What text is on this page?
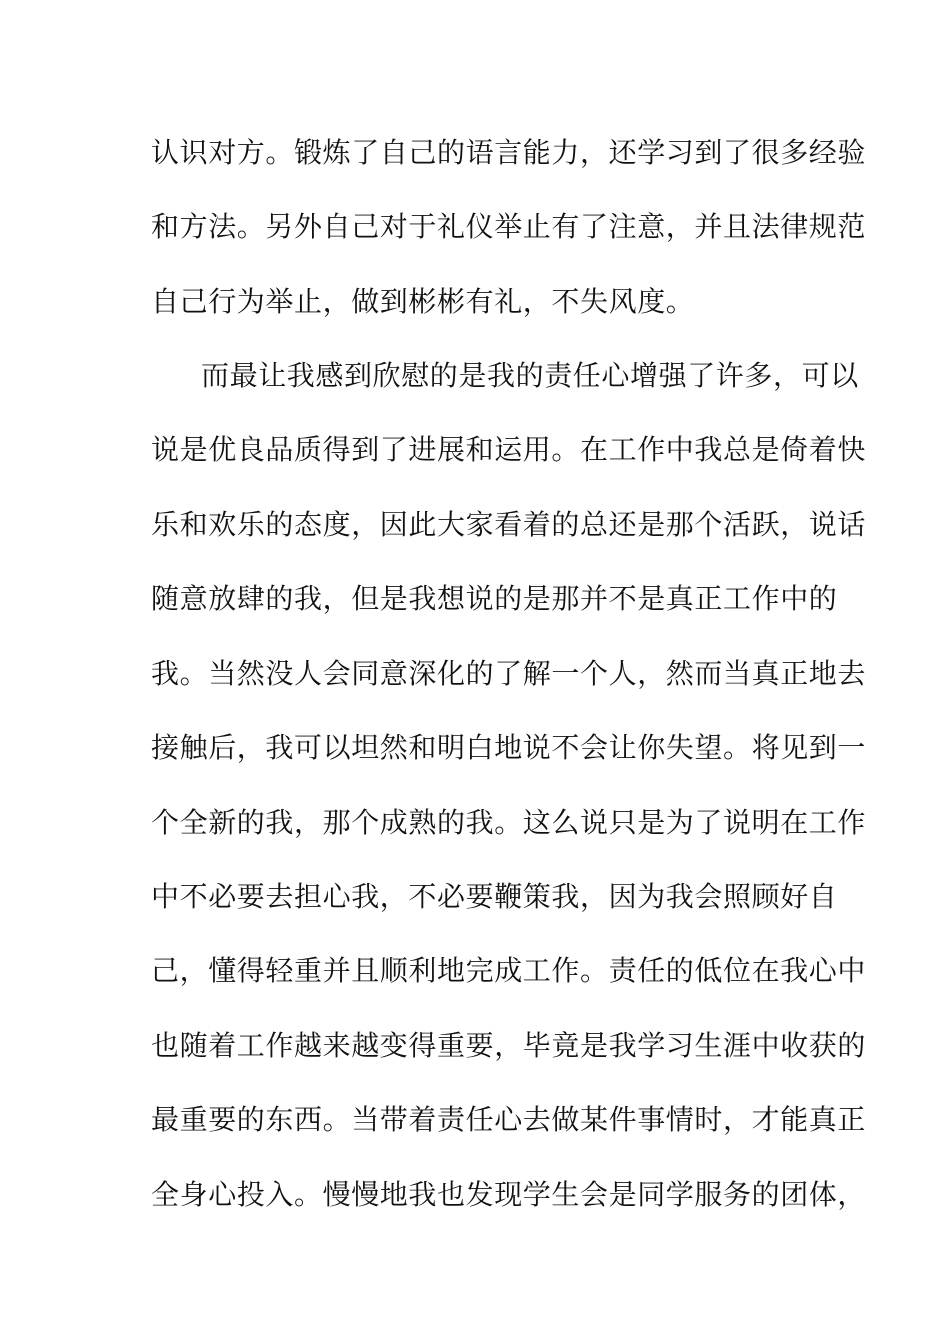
认识对方。锻炼了自己的语言能力，还学习到了很多经验
和方法。另外自己对于礼仪举止有了注意，并且法律规范
自己行为举止，做到彬彬有礼，不失风度。
而最让我感到欣慰的是我的责任心增强了许多，可以
说是优良品质得到了进展和运用。在工作中我总是倚着快
乐和欢乐的态度，因此大家看着的总还是那个活跃，说话
随意放肆的我，但是我想说的是那并不是真正工作中的
我。当然没人会同意深化的了解一个人，然而当真正地去
接触后，我可以坦然和明白地说不会让你失望。将见到一
个全新的我，那个成熟的我。这么说只是为了说明在工作
中不必要去担心我，不必要鞭策我，因为我会照顾好自
己，懂得轻重并且顺利地完成工作。责任的低位在我心中
也随着工作越来越变得重要，毕竟是我学习生涯中收获的
最重要的东西。当带着责任心去做某件事情时，才能真正
全身心投入。慢慢地我也发现学生会是同学服务的团体，
